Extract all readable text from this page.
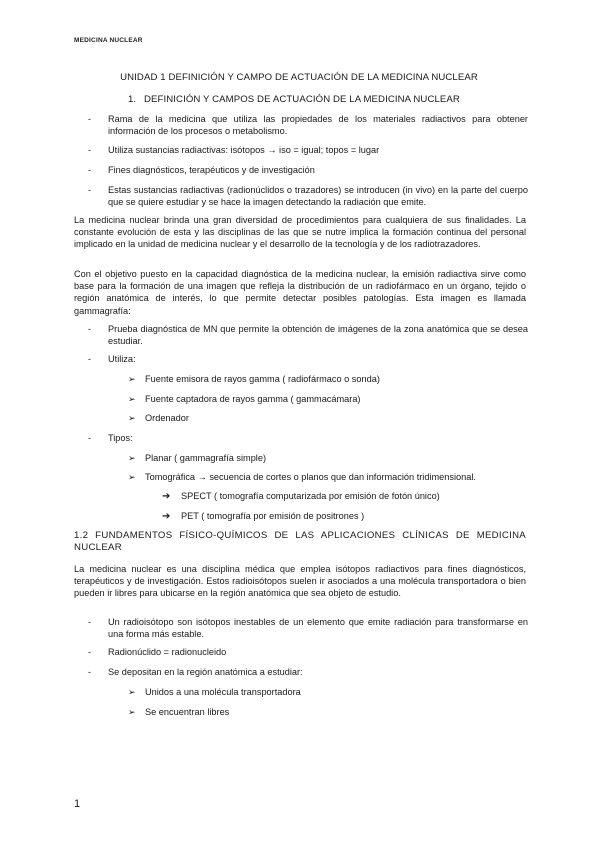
MEDICINA NUCLEAR
UNIDAD 1 DEFINICIÓN Y CAMPO DE ACTUACIÓN DE LA MEDICINA NUCLEAR
1. DEFINICIÓN Y CAMPOS DE ACTUACIÓN DE LA MEDICINA NUCLEAR
- Rama de la medicina que utiliza las propiedades de los materiales radiactivos para obtener información de los procesos o metabolismo.
- Utiliza sustancias radiactivas: isótopos → iso = igual; topos = lugar
- Fines diagnósticos, terapéuticos y de investigación
- Estas sustancias radiactivas (radionúclidos o trazadores) se introducen (in vivo) en la parte del cuerpo que se quiere estudiar y se hace la imagen detectando la radiación que emite.
La medicina nuclear brinda una gran diversidad de procedimientos para cualquiera de sus finalidades. La constante evolución de esta y las disciplinas de las que se nutre implica la formación continua del personal implicado en la unidad de medicina nuclear y el desarrollo de la tecnología y de los radiotrazadores.
Con el objetivo puesto en la capacidad diagnóstica de la medicina nuclear, la emisión radiactiva sirve como base para la formación de una imagen que refleja la distribución de un radiofármaco en un órgano, tejido o región anatómica de interés, lo que permite detectar posibles patologías. Esta imagen es llamada gammagrafía:
- Prueba diagnóstica de MN que permite la obtención de imágenes de la zona anatómica que se desea estudiar.
- Utiliza:
➢ Fuente emisora de rayos gamma ( radiofármaco o sonda)
➢ Fuente captadora de rayos gamma ( gammacámara)
➢ Ordenador
- Tipos:
➢ Planar ( gammagrafía simple)
➢ Tomográfica → secuencia de cortes o planos que dan información tridimensional.
➔ SPECT ( tomografía computarizada por emisión de fotón único)
➔ PET ( tomografía por emisión de positrones )
1.2 FUNDAMENTOS FÍSICO-QUÍMICOS DE LAS APLICACIONES CLÍNICAS DE MEDICINA NUCLEAR
La medicina nuclear es una disciplina médica que emplea isótopos radiactivos para fines diagnósticos, terapéuticos y de investigación. Estos radioisótopos suelen ir asociados a una molécula transportadora o bien pueden ir libres para ubicarse en la región anatómica que sea objeto de estudio.
- Un radioisótopo son isótopos inestables de un elemento que emite radiación para transformarse en una forma más estable.
- Radionúclido = radionucleido
- Se depositan en la región anatómica a estudiar:
➢ Unidos a una molécula transportadora
➢ Se encuentran libres
1
